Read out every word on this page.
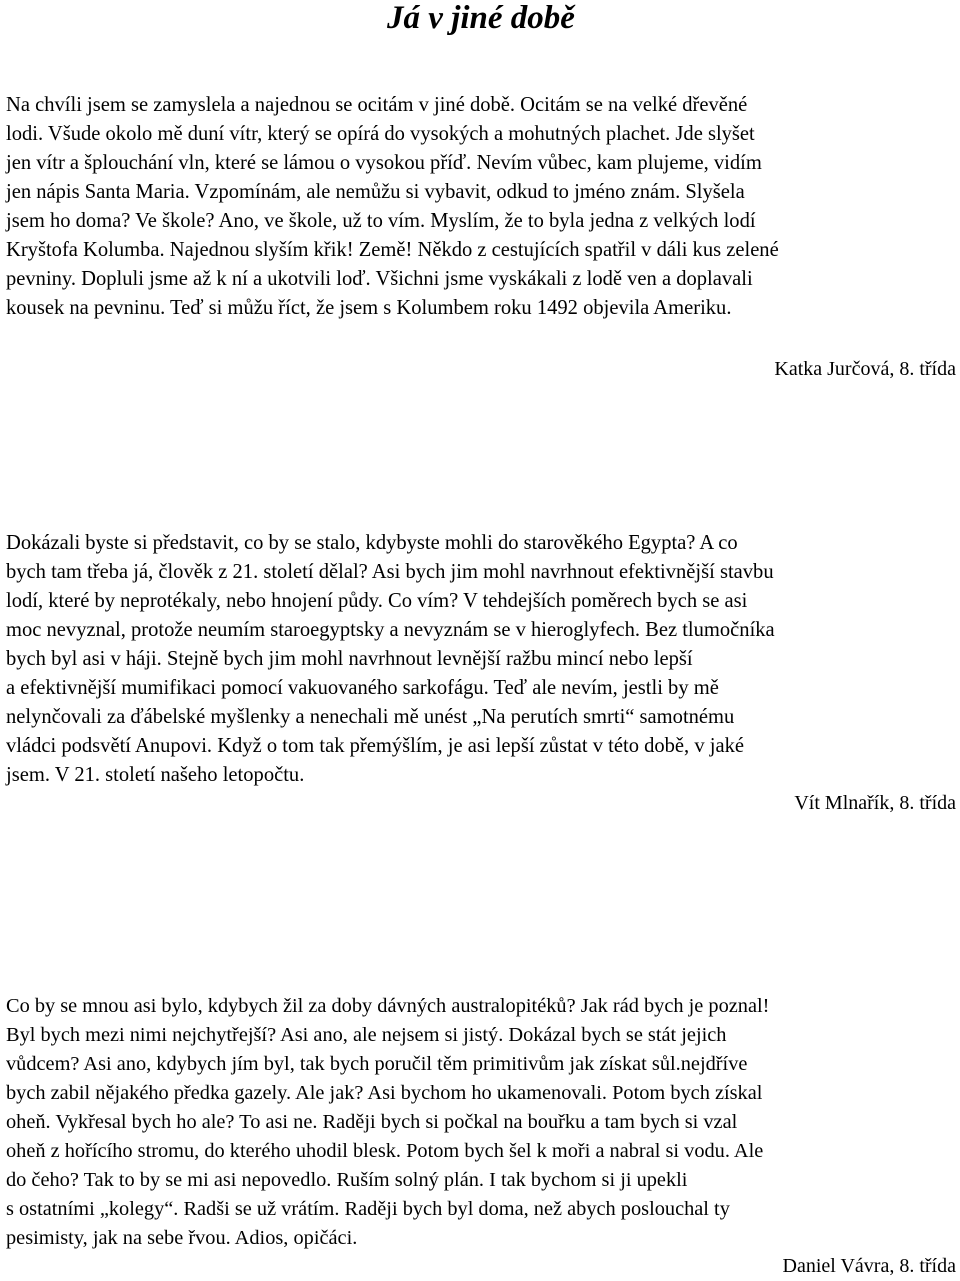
Já v jiné době

Na chvíli jsem se zamyslela a najednou se ocitám v jiné době. Ocitám se na velké dřevěné
lodi. Všude okolo mě duní vítr, který se opírá do vysokých a mohutných plachet. Jde slyšet
jen vítr a šplouchání vln, které se lámou o vysokou příď. Nevím vůbec, kam plujeme, vidím
jen nápis Santa Maria. Vzpomínám, ale nemůžu si vybavit, odkud to jméno znám. Slyšela
jsem ho doma? Ve škole? Ano, ve škole, už to vím. Myslím, že to byla jedna z velkých lodí
Kryštofa Kolumba. Najednou slyším křik! Země! Někdo z cestujících spatřil v dáli kus zelené
pevniny. Dopluli jsme až k ní a ukotvili loď. Všichni jsme vyskákali z lodě ven a doplavali
kousek na pevninu. Teď si můžu říct, že jsem s Kolumbem roku 1492 objevila Ameriku.

Katka Jurčová, 8. třída

Dokázali byste si představit, co by se stalo, kdybyste mohli do starověkého Egypta? A co
bych tam třeba já, člověk z 21. století dělal? Asi bych jim mohl navrhnout efektivnější stavbu
lodí, které by neprotékaly, nebo hnojení půdy. Co vím? V tehdejších poměrech bych se asi
moc nevyznal, protože neumím staroegyptsky a nevyznám se v hieroglyfech. Bez tlumočníka
bych byl asi v háji. Stejně bych jim mohl navrhnout levnější ražbu mincí nebo lepší
a efektivnější mumifikaci pomocí vakuovaného sarkofágu. Teď ale nevím, jestli by mě
nelynčovali za ďábelské myšlenky a nenechali mě unést „Na perutích smrti“ samotnému
vládci podsvětí Anupovi. Když o tom tak přemýšlím, je asi lepší zůstat v této době, v jaké
jsem. V 21. století našeho letopočtu.

Vít Mlnařík, 8. třída

Co by se mnou asi bylo, kdybych žil za doby dávných australopitéků? Jak rád bych je poznal!
Byl bych mezi nimi nejchytřejší? Asi ano, ale nejsem si jistý. Dokázal bych se stát jejich
vůdcem? Asi ano, kdybych jím byl, tak bych poručil těm primitivům jak získat sůl.nejdříve
bych zabil nějakého předka gazely. Ale jak? Asi bychom ho ukamenovali. Potom bych získal
oheň. Vykřesal bych ho ale? To asi ne. Raději bych si počkal na bouřku a tam bych si vzal
oheň z hořícího stromu, do kterého uhodil blesk. Potom bych šel k moři a nabral si vodu. Ale
do čeho? Tak to by se mi asi nepovedlo. Ruším solný plán. I tak bychom si ji upekli
s ostatními „kolegy“. Radši se už vrátím. Raději bych byl doma, než abych poslouchal ty
pesimisty, jak na sebe řvou. Adios, opičáci.

Daniel Vávra, 8. třída
